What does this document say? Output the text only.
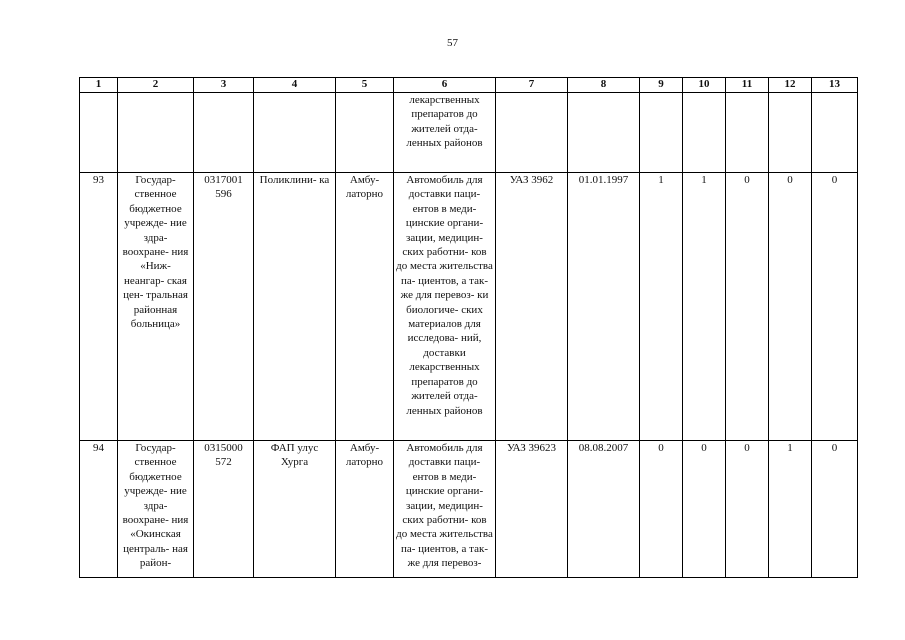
57
1	2	3	4	5	6	7	8	9	10	11	12	13
					лекарственных препаратов до жителей отда- ленных районов							
93	Государ- ственное бюджетное учрежде- ние здра- воохране- ния «Ниж- неангар- ская цен- тральная районная больница»	0317001 596	Поликлини- ка	Амбу- латорно	Автомобиль для доставки паци- ентов в меди- цинские органи- зации, медицин- ских работни- ков до места жительства па- циентов, а так- же для перевоз- ки биологиче- ских материалов для исследова- ний, доставки лекарственных препаратов до жителей отда- ленных районов	УАЗ 3962	01.01.1997	1	1	0	0	0
94	Государ- ственное бюджетное учрежде- ние здра- воохране- ния «Окинская централь- ная район-	0315000 572	ФАП улус Хурга	Амбу- латорно	Автомобиль для доставки паци- ентов в меди- цинские органи- зации, медицин- ских работни- ков до места жительства па- циентов, а так- же для перевоз-	УАЗ 39623	08.08.2007	0	0	0	1	0
